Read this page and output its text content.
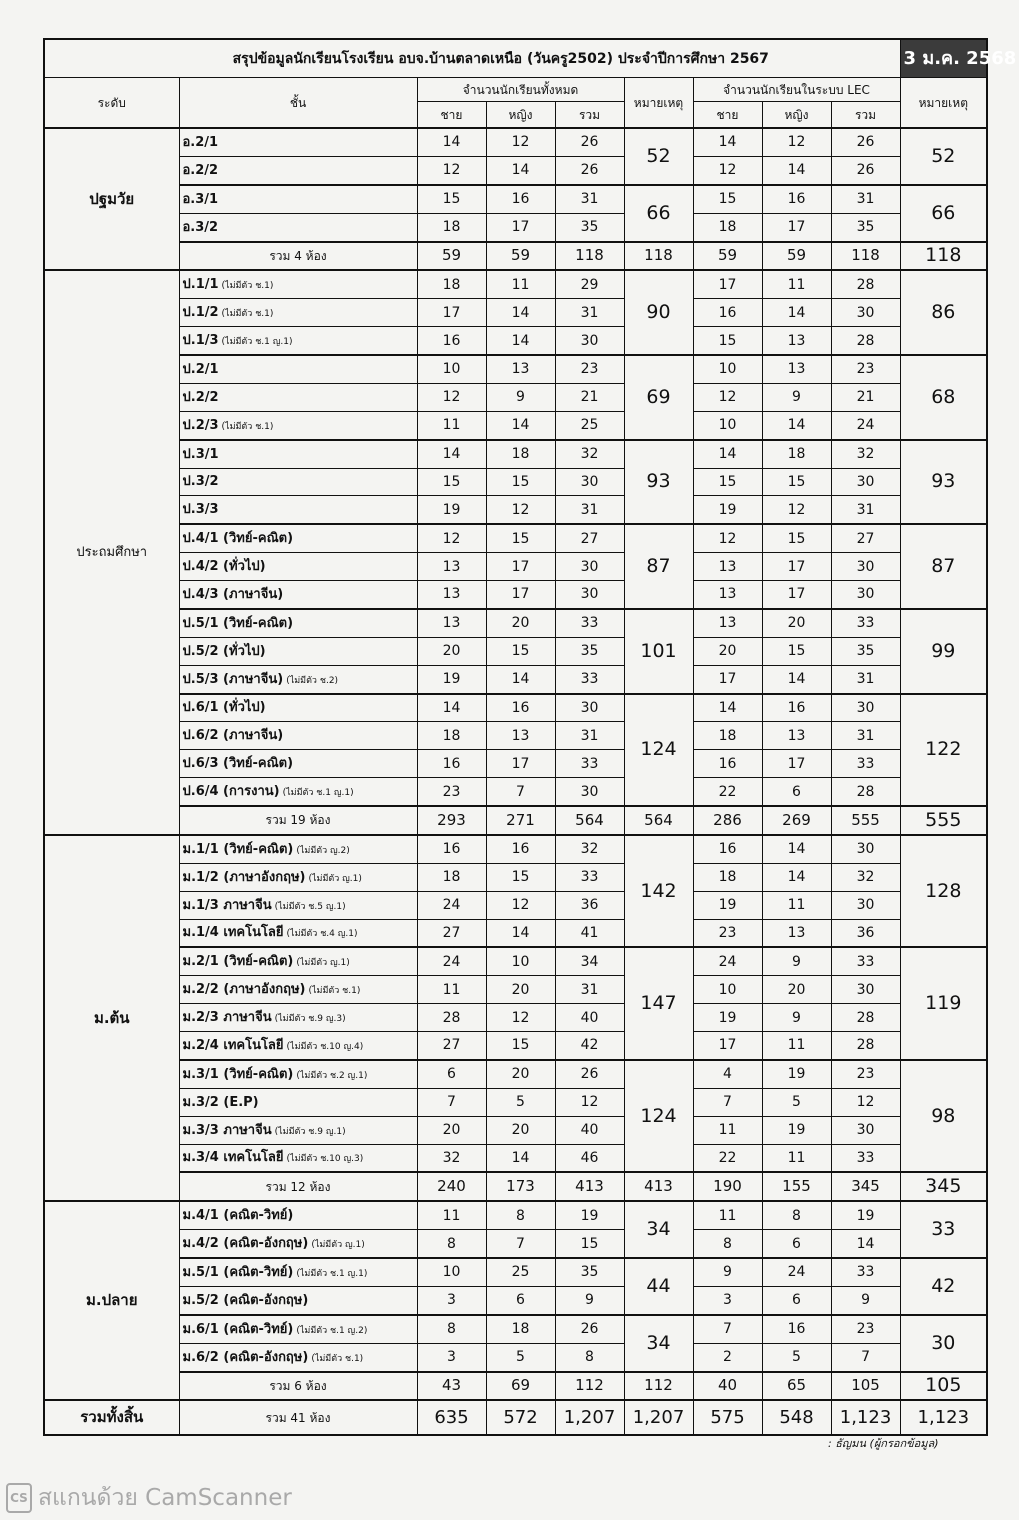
สรุปข้อมูลนักเรียนโรงเรียน อบจ.บ้านตลาดเหนือ (วันครู2502) ประจำปีการศึกษา 2567									3 ม.ค. 2568
ระดับ	ชั้น	จำนวนนักเรียนทั้งหมด			หมายเหตุ	จำนวนนักเรียนในระบบ LEC			หมายเหตุ
		ชาย	หญิง	รวม		ชาย	หญิง	รวม	
ปฐมวัย	อ.2/1	14	12	26	52	14	12	26	52
	อ.2/2	12	14	26		12	14	26	
	อ.3/1	15	16	31	66	15	16	31	66
	อ.3/2	18	17	35		18	17	35	
	รวม 4 ห้อง	59	59	118	118	59	59	118	118
ประถมศึกษา	ป.1/1 (ไม่มีตัว ช.1)	18	11	29	90	17	11	28	86
	ป.1/2 (ไม่มีตัว ช.1)	17	14	31		16	14	30	
	ป.1/3 (ไม่มีตัว ช.1 ญ.1)	16	14	30		15	13	28	
	ป.2/1	10	13	23	69	10	13	23	68
	ป.2/2	12	9	21		12	9	21	
	ป.2/3 (ไม่มีตัว ช.1)	11	14	25		10	14	24	
	ป.3/1	14	18	32	93	14	18	32	93
	ป.3/2	15	15	30		15	15	30	
	ป.3/3	19	12	31		19	12	31	
	ป.4/1 (วิทย์-คณิต)	12	15	27	87	12	15	27	87
	ป.4/2 (ทั่วไป)	13	17	30		13	17	30	
	ป.4/3 (ภาษาจีน)	13	17	30		13	17	30	
	ป.5/1 (วิทย์-คณิต)	13	20	33	101	13	20	33	99
	ป.5/2 (ทั่วไป)	20	15	35		20	15	35	
	ป.5/3 (ภาษาจีน) (ไม่มีตัว ช.2)	19	14	33		17	14	31	
	ป.6/1 (ทั่วไป)	14	16	30	124	14	16	30	122
	ป.6/2 (ภาษาจีน)	18	13	31		18	13	31	
	ป.6/3 (วิทย์-คณิต)	16	17	33		16	17	33	
	ป.6/4 (การงาน) (ไม่มีตัว ช.1 ญ.1)	23	7	30		22	6	28	
	รวม 19 ห้อง	293	271	564	564	286	269	555	555
ม.ต้น	ม.1/1 (วิทย์-คณิต) (ไม่มีตัว ญ.2)	16	16	32	142	16	14	30	128
	ม.1/2 (ภาษาอังกฤษ) (ไม่มีตัว ญ.1)	18	15	33		18	14	32	
	ม.1/3 ภาษาจีน (ไม่มีตัว ช.5 ญ.1)	24	12	36		19	11	30	
	ม.1/4 เทคโนโลยี (ไม่มีตัว ช.4 ญ.1)	27	14	41		23	13	36	
	ม.2/1 (วิทย์-คณิต) (ไม่มีตัว ญ.1)	24	10	34	147	24	9	33	119
	ม.2/2 (ภาษาอังกฤษ) (ไม่มีตัว ช.1)	11	20	31		10	20	30	
	ม.2/3 ภาษาจีน (ไม่มีตัว ช.9 ญ.3)	28	12	40		19	9	28	
	ม.2/4 เทคโนโลยี (ไม่มีตัว ช.10 ญ.4)	27	15	42		17	11	28	
	ม.3/1 (วิทย์-คณิต) (ไม่มีตัว ช.2 ญ.1)	6	20	26	124	4	19	23	98
	ม.3/2 (E.P)	7	5	12		7	5	12	
	ม.3/3 ภาษาจีน (ไม่มีตัว ช.9 ญ.1)	20	20	40		11	19	30	
	ม.3/4 เทคโนโลยี (ไม่มีตัว ช.10 ญ.3)	32	14	46		22	11	33	
	รวม 12 ห้อง	240	173	413	413	190	155	345	345
ม.ปลาย	ม.4/1 (คณิต-วิทย์)	11	8	19	34	11	8	19	33
	ม.4/2 (คณิต-อังกฤษ) (ไม่มีตัว ญ.1)	8	7	15		8	6	14	
	ม.5/1 (คณิต-วิทย์) (ไม่มีตัว ช.1 ญ.1)	10	25	35	44	9	24	33	42
	ม.5/2 (คณิต-อังกฤษ)	3	6	9		3	6	9	
	ม.6/1 (คณิต-วิทย์) (ไม่มีตัว ช.1 ญ.2)	8	18	26	34	7	16	23	30
	ม.6/2 (คณิต-อังกฤษ) (ไม่มีตัว ช.1)	3	5	8		2	5	7	
	รวม 6 ห้อง	43	69	112	112	40	65	105	105
รวมทั้งสิ้น	รวม 41 ห้อง	635	572	1,207	1,207	575	548	1,123	1,123
: ธัญมน (ผู้กรอกข้อมูล)
CS สแกนด้วย CamScanner
